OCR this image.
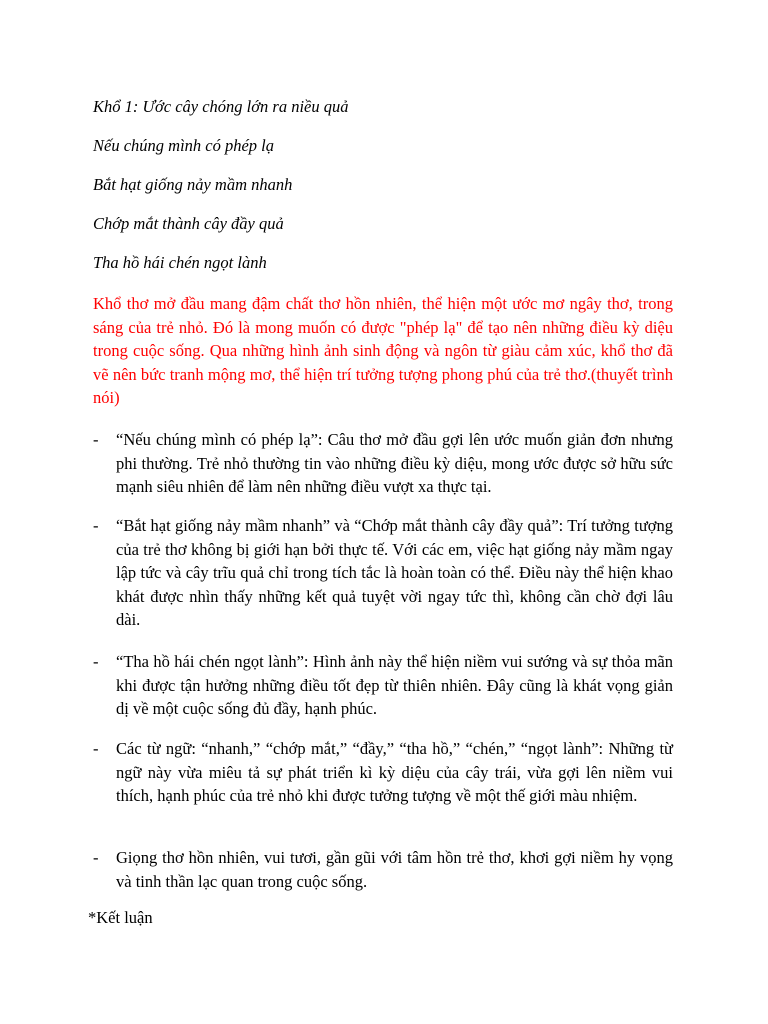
Khổ 1: Ước cây chóng lớn ra niều quả

Nếu chúng mình có phép lạ

Bắt hạt giống nảy mầm nhanh

Chớp mắt thành cây đầy quả

Tha hồ hái chén ngọt lành

Khổ thơ mở đầu mang đậm chất thơ hồn nhiên, thể hiện một ước mơ ngây thơ, trong sáng của trẻ nhỏ. Đó là mong muốn có được "phép lạ" để tạo nên những điều kỳ diệu trong cuộc sống. Qua những hình ảnh sinh động và ngôn từ giàu cảm xúc, khổ thơ đã vẽ nên bức tranh mộng mơ, thể hiện trí tưởng tượng phong phú của trẻ thơ.(thuyết trình nói)

-	“Nếu chúng mình có phép lạ”: Câu thơ mở đầu gợi lên ước muốn giản đơn nhưng phi thường. Trẻ nhỏ thường tin vào những điều kỳ diệu, mong ước được sở hữu sức mạnh siêu nhiên để làm nên những điều vượt xa thực tại.
-	“Bắt hạt giống nảy mầm nhanh” và “Chớp mắt thành cây đầy quả”: Trí tưởng tượng của trẻ thơ không bị giới hạn bởi thực tế. Với các em, việc hạt giống nảy mầm ngay lập tức và cây trĩu quả chỉ trong tích tắc là hoàn toàn có thể. Điều này thể hiện khao khát được nhìn thấy những kết quả tuyệt vời ngay tức thì, không cần chờ đợi lâu dài.
-	“Tha hồ hái chén ngọt lành”: Hình ảnh này thể hiện niềm vui sướng và sự thỏa mãn khi được tận hưởng những điều tốt đẹp từ thiên nhiên. Đây cũng là khát vọng giản dị về một cuộc sống đủ đầy, hạnh phúc.
-	Các từ ngữ: “nhanh,” “chớp mắt,” “đầy,” “tha hồ,” “chén,” “ngọt lành”: Những từ ngữ này vừa miêu tả sự phát triển kì kỳ diệu của cây trái, vừa gợi lên niềm vui thích, hạnh phúc của trẻ nhỏ khi được tưởng tượng về một thế giới màu nhiệm.
-	Giọng thơ hồn nhiên, vui tươi, gần gũi với tâm hồn trẻ thơ, khơi gợi niềm hy vọng và tinh thần lạc quan trong cuộc sống.

*Kết luận
